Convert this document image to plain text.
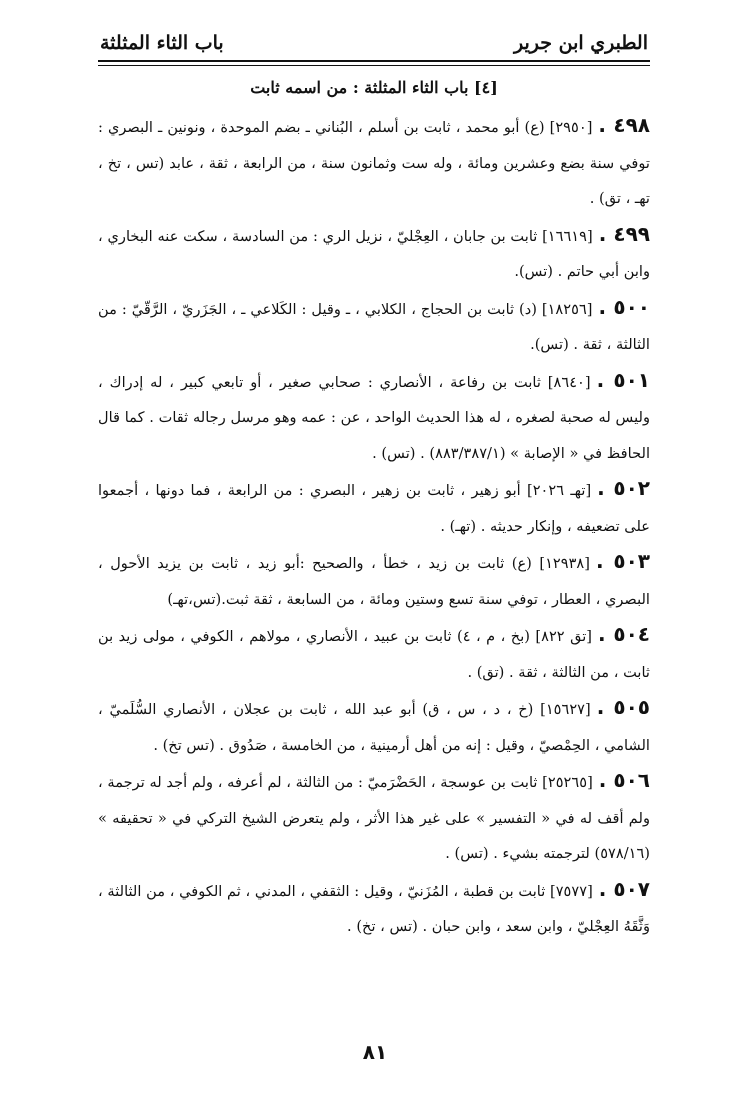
الطبري ابن جرير
باب الثاء المثلثة
[٤] باب الثاء المثلثة : من اسمه ثابت

٤٩٨ .[٢٩٥٠] (ع) أبو محمد ، ثابت بن أسلم ، البُناني ـ بضم الموحدة ، ونونين ـ البصري : توفي سنة بضع وعشرين ومائة ، وله ست وثمانون سنة ، من الرابعة ، ثقة ، عابد (تس ، تخ ، تهـ ، تق) .

٤٩٩ .[١٦٦١٩] ثابت بن جابان ، العِجْليّ ، نزيل الري : من السادسة ، سكت عنه البخاري ، وابن أبي حاتم . (تس).

٥٠٠ .[١٨٢٥٦] (د) ثابت بن الحجاج ، الكلابي ، ـ وقيل : الكَلاعي ـ ، الجَزَريّ ، الرَّقّيّ : من الثالثة ، ثقة . (تس).

٥٠١ .[٨٦٤٠] ثابت بن رفاعة ، الأنصاري : صحابي صغير ، أو تابعي كبير ، له إدراك ، وليس له صحبة لصغره ، له هذا الحديث الواحد ، عن : عمه وهو مرسل رجاله ثقات . كما قال الحافظ في « الإصابة » (٨٨٣/٣٨٧/١) . (تس) .

٥٠٢ .[تهـ ٢٠٢٦] أبو زهير ، ثابت بن زهير ، البصري : من الرابعة ، فما دونها ، أجمعوا على تضعيفه ، وإنكار حديثه . (تهـ) .

٥٠٣ .[١٢٩٣٨] (ع) ثابت بن زيد ، خطأ ، والصحيح :أبو زيد ، ثابت بن يزيد الأحول ، البصري ، العطار ، توفي سنة تسع وستين ومائة ، من السابعة ، ثقة ثبت.(تس،تهـ)

٥٠٤ .[تق ٨٢٢] (بخ ، م ، ٤) ثابت بن عبيد ، الأنصاري ، مولاهم ، الكوفي ، مولى زيد بن ثابت ، من الثالثة ، ثقة . (تق) .

٥٠٥ .[١٥٦٢٧] (خ ، د ، س ، ق) أبو عبد الله ، ثابت بن عجلان ، الأنصاري السُّلَميّ ، الشامي ، الحِمْصيّ ، وقيل : إنه من أهل أرمينية ، من الخامسة ، صَدُوق . (تس تخ) .

٥٠٦ .[٢٥٢٦٥] ثابت بن عوسجة ، الحَضْرَميّ : من الثالثة ، لم أعرفه ، ولم أجد له ترجمة ، ولم أقف له في « التفسير » على غير هذا الأثر ، ولم يتعرض الشيخ التركي في « تحقيقه » (٥٧٨/١٦) لترجمته بشيء . (تس) .

٥٠٧ .[٧٥٧٧] ثابت بن قطبة ، المُزَنيّ ، وقيل : الثقفي ، المدني ، ثم الكوفي ، من الثالثة ، وَثَّقَهُ العِجْليّ ، وابن سعد ، وابن حبان . (تس ، تخ) .

٨١
